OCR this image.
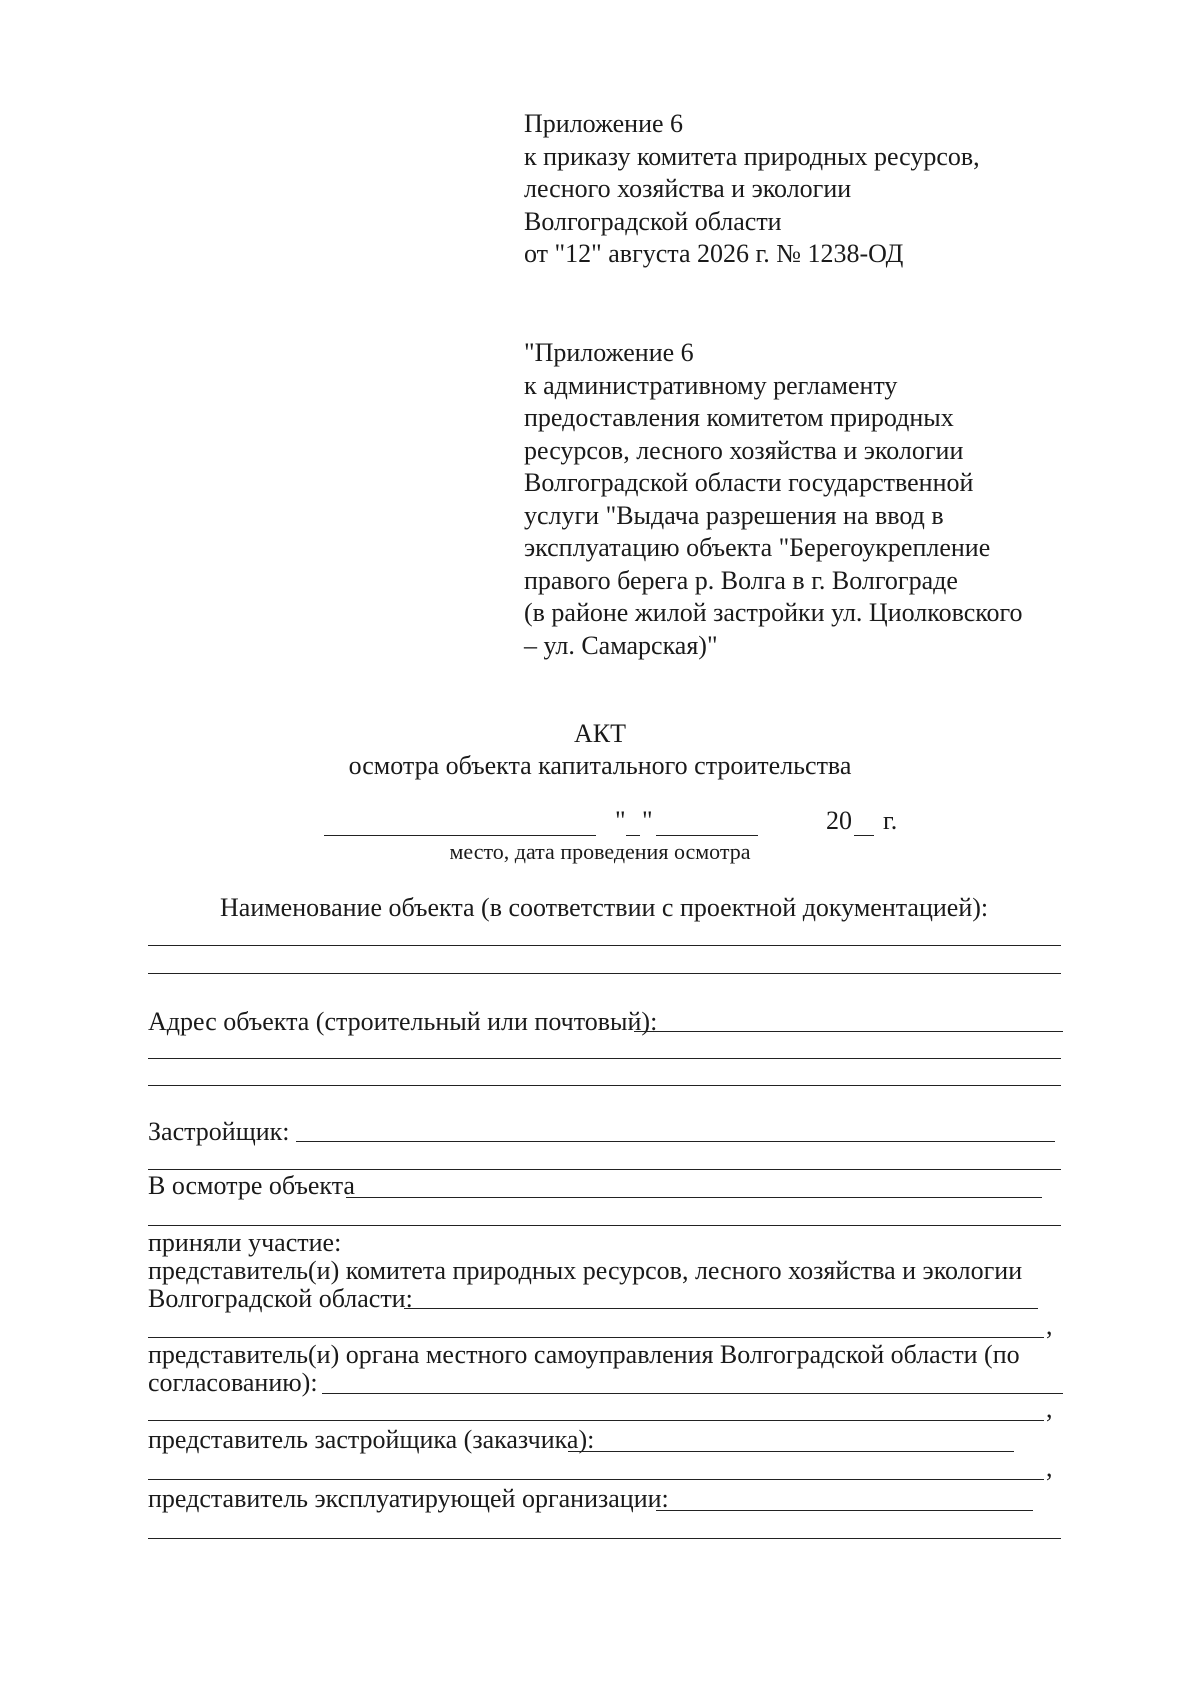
Приложение 6
к приказу комитета природных ресурсов,
лесного хозяйства и экологии
Волгоградской области
от "12" августа 2026 г. № 1238-ОД
"Приложение 6
к административному регламенту
предоставления комитетом природных
ресурсов, лесного хозяйства и экологии
Волгоградской области государственной
услуги "Выдача разрешения на ввод в
эксплуатацию объекта "Берегоукрепление
правого берега р. Волга в г. Волгограде
(в районе жилой застройки ул. Циолковского
– ул. Самарская)"
АКТ
осмотра объекта капитального строительства
" "	20 г.
место, дата проведения осмотра
Наименование объекта (в соответствии с проектной документацией):
Адрес объекта (строительный или почтовый):
Застройщик:
В осмотре объекта
приняли участие:
представитель(и) комитета природных ресурсов, лесного хозяйства и экологии
Волгоградской области:
,
представитель(и) органа местного самоуправления Волгоградской области (по
согласованию):
,
представитель застройщика (заказчика):
,
представитель эксплуатирующей организации:
